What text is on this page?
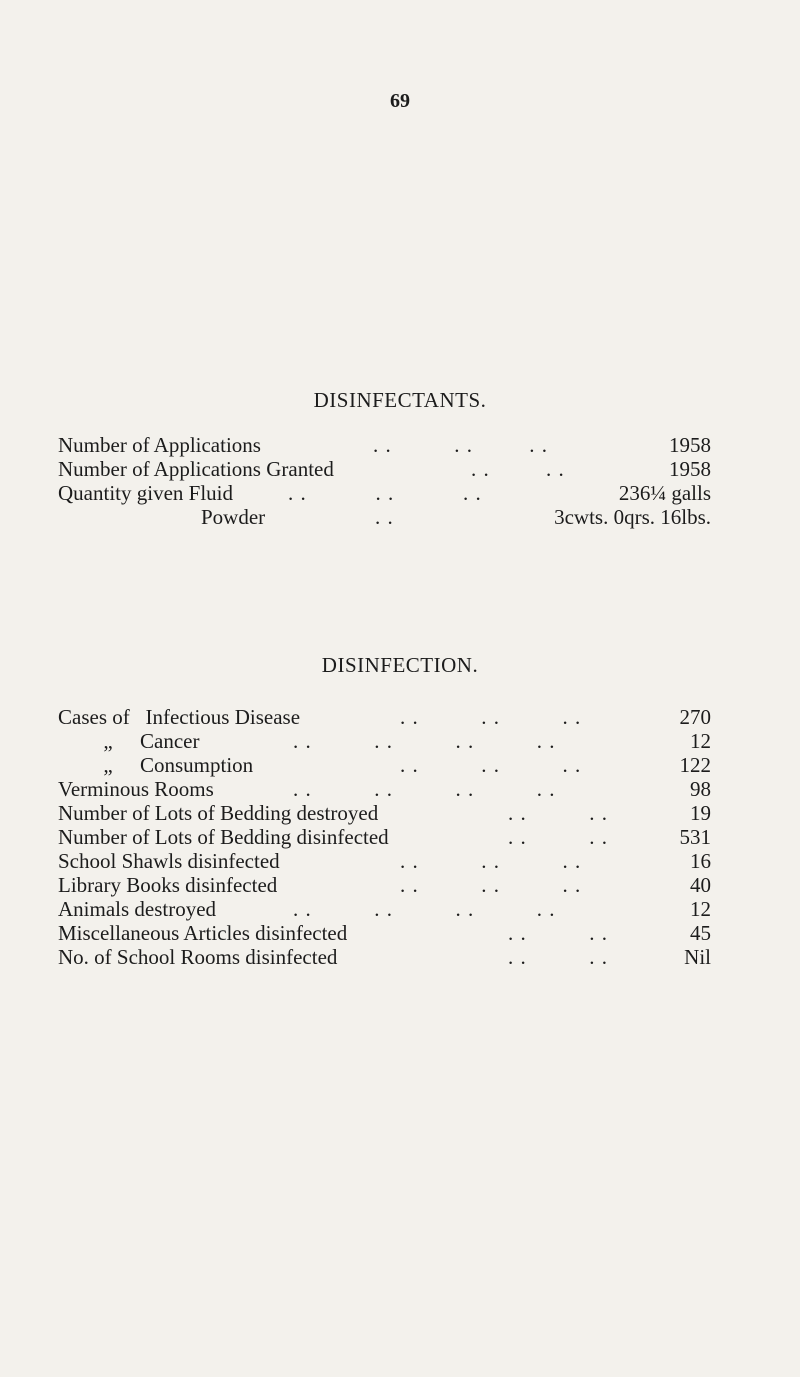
69
DISINFECTANTS.
Number of Applications	. .          . .         . .	1958
Number of Applications Granted	. .         . .	1958
Quantity given Fluid	. .           . .           . .	236¼ galls
Powder	. .	3cwts. 0qrs. 16lbs.
DISINFECTION.
Cases of Infectious Disease	. .          . .          . .	270
„ Cancer	. .          . .          . .          . .	12
„ Consumption	. .          . .          . .	122
Verminous Rooms	. .          . .          . .          . .	98
Number of Lots of Bedding destroyed	. .          . .	19
Number of Lots of Bedding disinfected	. .          . .	531
School Shawls disinfected	. .          . .          . .	16
Library Books disinfected	. .          . .          . .	40
Animals destroyed	. .          . .          . .          . .	12
Miscellaneous Articles disinfected	. .          . .	45
No. of School Rooms disinfected	. .          . .	Nil
